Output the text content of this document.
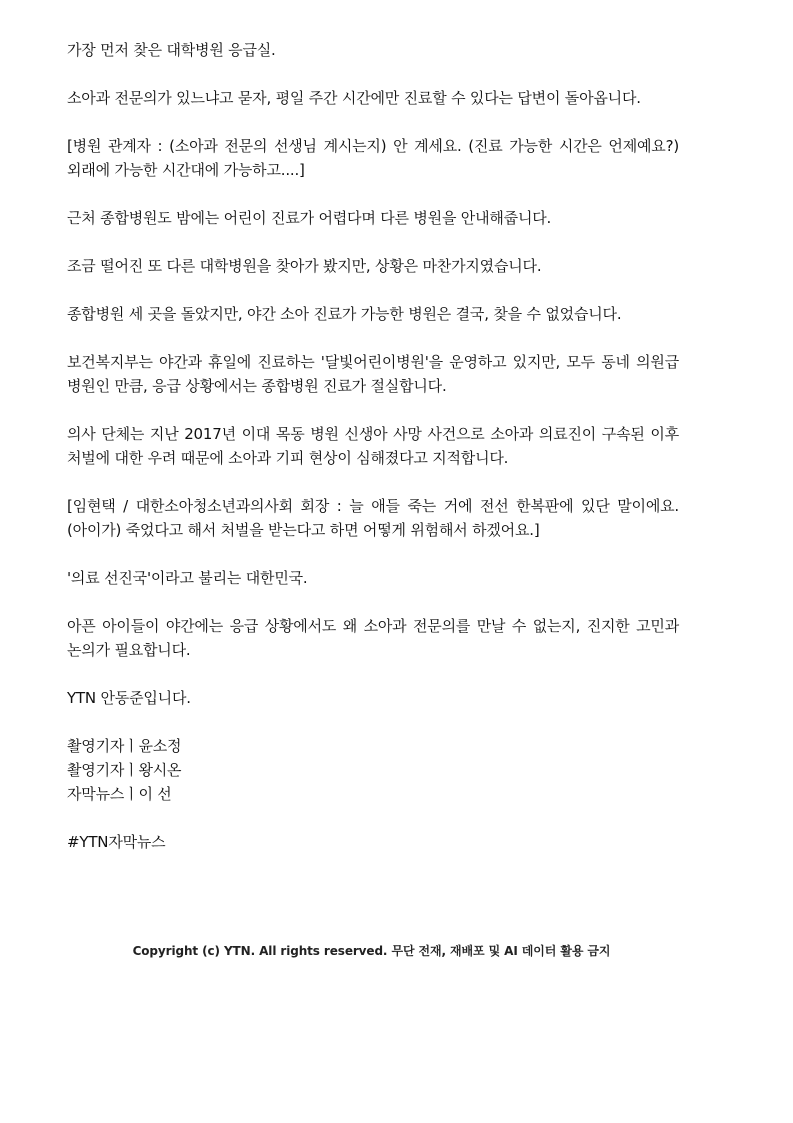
가장 먼저 찾은 대학병원 응급실.

소아과 전문의가 있느냐고 묻자, 평일 주간 시간에만 진료할 수 있다는 답변이 돌아옵니다.

[병원 관계자 : (소아과 전문의 선생님 계시는지) 안 계세요. (진료 가능한 시간은 언제예요?) 외래에 가능한 시간대에 가능하고....]

근처 종합병원도 밤에는 어린이 진료가 어렵다며 다른 병원을 안내해줍니다.

조금 떨어진 또 다른 대학병원을 찾아가 봤지만, 상황은 마찬가지였습니다.

종합병원 세 곳을 돌았지만, 야간 소아 진료가 가능한 병원은 결국, 찾을 수 없었습니다.

보건복지부는 야간과 휴일에 진료하는 '달빛어린이병원'을 운영하고 있지만, 모두 동네 의원급 병원인 만큼, 응급 상황에서는 종합병원 진료가 절실합니다.

의사 단체는 지난 2017년 이대 목동 병원 신생아 사망 사건으로 소아과 의료진이 구속된 이후 처벌에 대한 우려 때문에 소아과 기피 현상이 심해졌다고 지적합니다.

[임현택 / 대한소아청소년과의사회 회장 : 늘 애들 죽는 거에 전선 한복판에 있단 말이에요. (아이가) 죽었다고 해서 처벌을 받는다고 하면 어떻게 위험해서 하겠어요.]

'의료 선진국'이라고 불리는 대한민국.

아픈 아이들이 야간에는 응급 상황에서도 왜 소아과 전문의를 만날 수 없는지, 진지한 고민과 논의가 필요합니다.

YTN 안동준입니다.

촬영기자ㅣ윤소정
촬영기자ㅣ왕시온
자막뉴스ㅣ이 선

#YTN자막뉴스

Copyright (c) YTN. All rights reserved. 무단 전재, 재배포 및 AI 데이터 활용 금지
